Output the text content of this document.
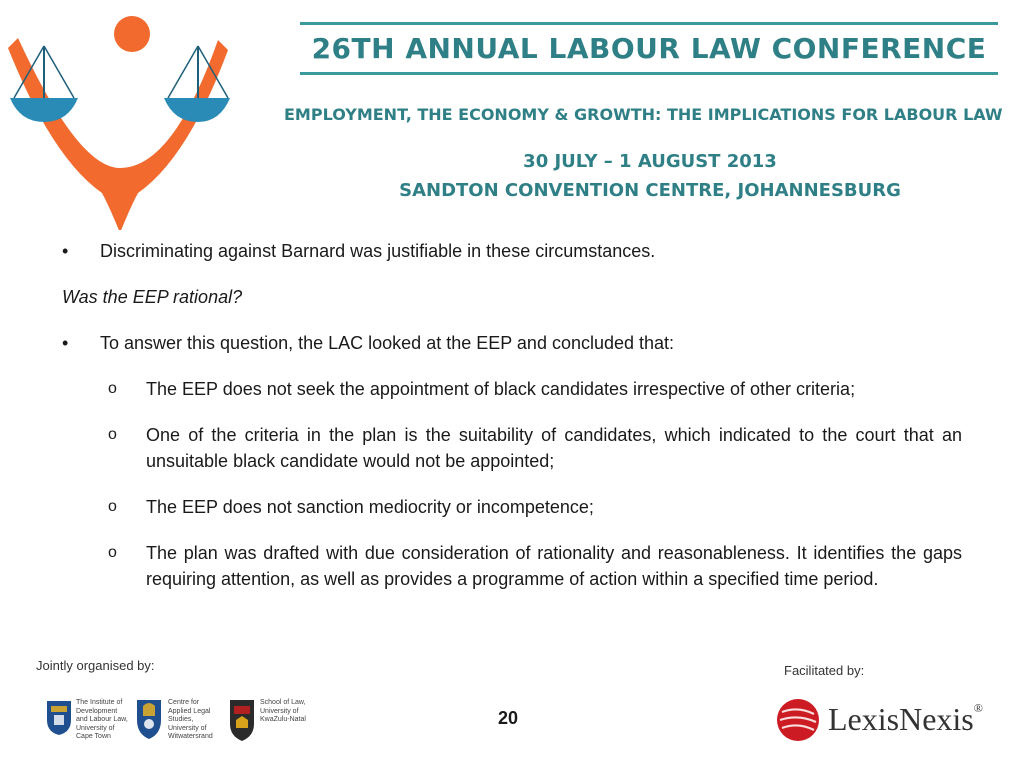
26TH ANNUAL LABOUR LAW CONFERENCE
EMPLOYMENT, THE ECONOMY & GROWTH: THE IMPLICATIONS FOR LABOUR LAW
30 JULY – 1 AUGUST 2013
SANDTON CONVENTION CENTRE, JOHANNESBURG
• Discriminating against Barnard was justifiable in these circumstances.
Was the EEP rational?
• To answer this question, the LAC looked at the EEP and concluded that:
o The EEP does not seek the appointment of black candidates irrespective of other criteria;
o One of the criteria in the plan is the suitability of candidates, which indicated to the court that an unsuitable black candidate would not be appointed;
o The EEP does not sanction mediocrity or incompetence;
o The plan was drafted with due consideration of rationality and reasonableness. It identifies the gaps requiring attention, as well as provides a programme of action within a specified time period.
Jointly organised by:
The Institute of Development and Labour Law, University of Cape Town
Centre for Applied Legal Studies, University of Witwatersrand
School of Law, University of KwaZulu-Natal	20
Facilitated by:
LexisNexis®
